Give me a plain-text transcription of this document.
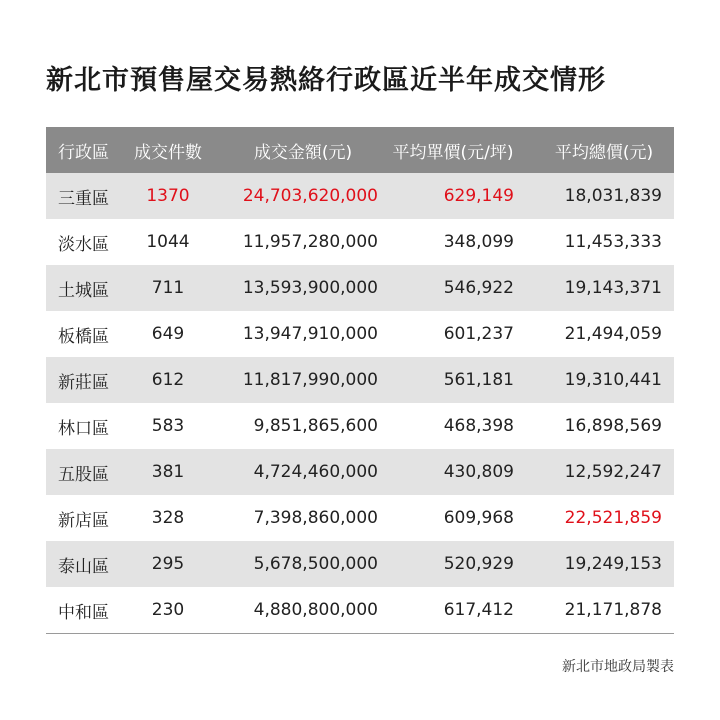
新北市預售屋交易熱絡行政區近半年成交情形
行政區	成交件數	成交金額(元)	平均單價(元/坪)	平均總價(元)
三重區	1370	24,703,620,000	629,149	18,031,839
淡水區	1044	11,957,280,000	348,099	11,453,333
土城區	711	13,593,900,000	546,922	19,143,371
板橋區	649	13,947,910,000	601,237	21,494,059
新莊區	612	11,817,990,000	561,181	19,310,441
林口區	583	9,851,865,600	468,398	16,898,569
五股區	381	4,724,460,000	430,809	12,592,247
新店區	328	7,398,860,000	609,968	22,521,859
泰山區	295	5,678,500,000	520,929	19,249,153
中和區	230	4,880,800,000	617,412	21,171,878
新北市地政局製表
